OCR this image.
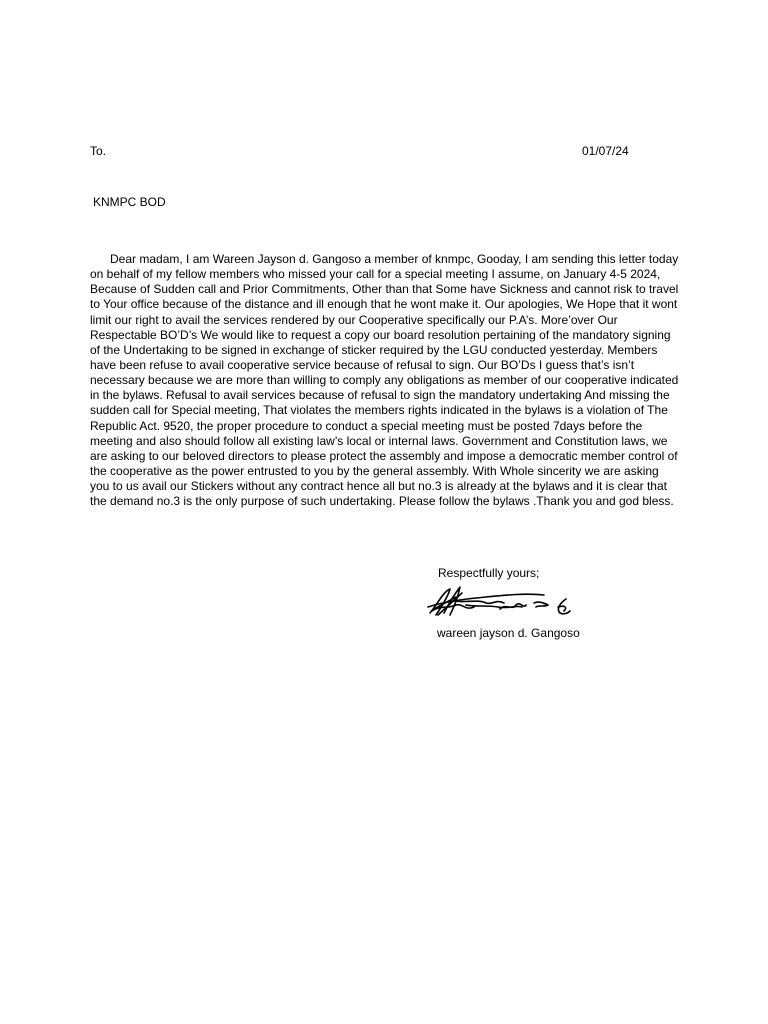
To.	01/07/24
KNMPC BOD
Dear madam, I am Wareen Jayson d. Gangoso a member of knmpc, Gooday, I am sending this letter today
on behalf of my fellow members who missed your call for a special meeting I assume, on January 4-5 2024,
Because of Sudden call and Prior Commitments, Other than that Some have Sickness and cannot risk to travel
to Your office because of the distance and ill enough that he wont make it. Our apologies, We Hope that it wont
limit our right to avail the services rendered by our Cooperative specifically our P.A’s. More’over Our
Respectable BO’D’s We would like to request a copy our board resolution pertaining of the mandatory signing
of the Undertaking to be signed in exchange of sticker required by the LGU conducted yesterday. Members
have been refuse to avail cooperative service because of refusal to sign. Our BO’Ds I guess that’s isn’t
necessary because we are more than willing to comply any obligations as member of our cooperative indicated
in the bylaws. Refusal to avail services because of refusal to sign the mandatory undertaking And missing the
sudden call for Special meeting, That violates the members rights indicated in the bylaws is a violation of The
Republic Act. 9520, the proper procedure to conduct a special meeting must be posted 7days before the
meeting and also should follow all existing law’s local or internal laws. Government and Constitution laws, we
are asking to our beloved directors to please protect the assembly and impose a democratic member control of
the cooperative as the power entrusted to you by the general assembly. With Whole sincerity we are asking
you to us avail our Stickers without any contract hence all but no.3 is already at the bylaws and it is clear that
the demand no.3 is the only purpose of such undertaking. Please follow the bylaws .Thank you and god bless.
Respectfully yours;
wareen jayson d. Gangoso
